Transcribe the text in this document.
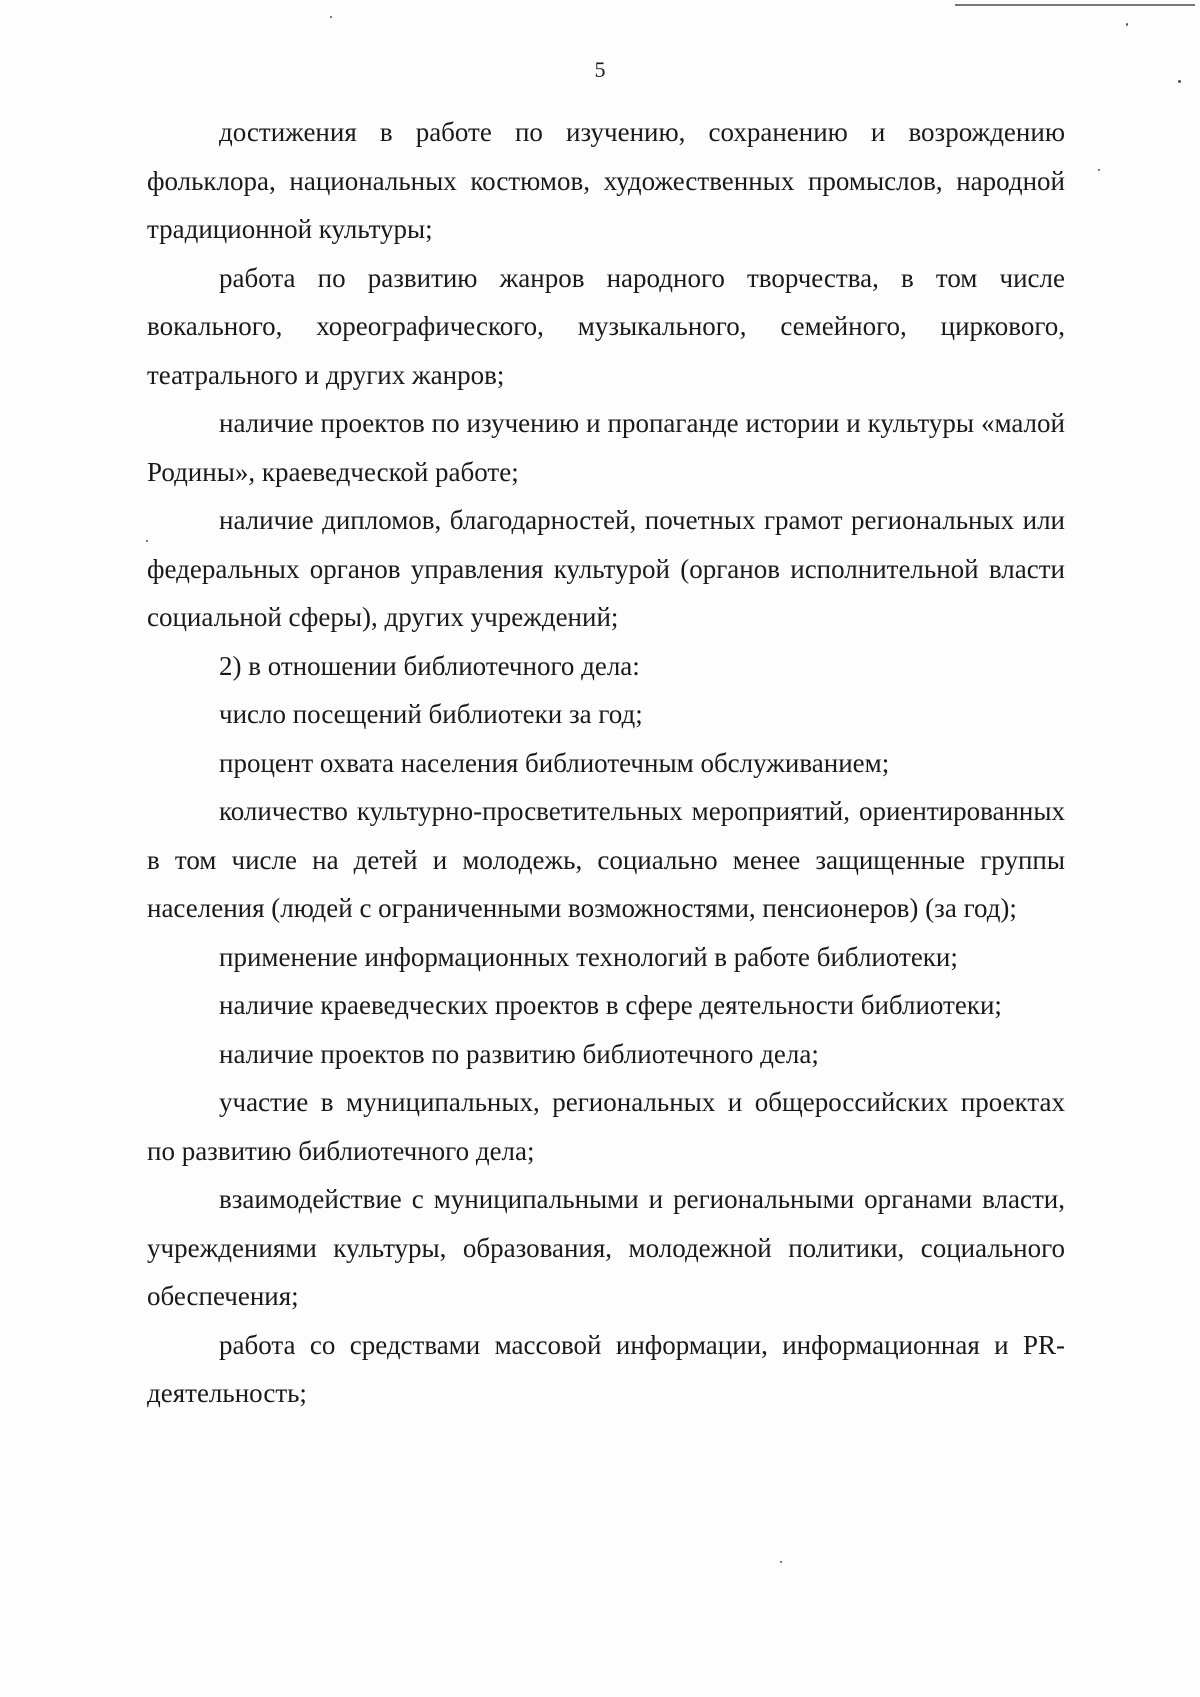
5

достижения в работе по изучению, сохранению и возрождению фольклора, национальных костюмов, художественных промыслов, народной традиционной культуры;

работа по развитию жанров народного творчества, в том числе вокального, хореографического, музыкального, семейного, циркового, театрального и других жанров;

наличие проектов по изучению и пропаганде истории и культуры «малой Родины», краеведческой работе;

наличие дипломов, благодарностей, почетных грамот региональных или федеральных органов управления культурой (органов исполнительной власти социальной сферы), других учреждений;

2) в отношении библиотечного дела:

число посещений библиотеки за год;

процент охвата населения библиотечным обслуживанием;

количество культурно-просветительных мероприятий, ориентированных в том числе на детей и молодежь, социально менее защищенные группы населения (людей с ограниченными возможностями, пенсионеров) (за год);

применение информационных технологий в работе библиотеки;

наличие краеведческих проектов в сфере деятельности библиотеки;

наличие проектов по развитию библиотечного дела;

участие в муниципальных, региональных и общероссийских проектах по развитию библиотечного дела;

взаимодействие с муниципальными и региональными органами власти, учреждениями культуры, образования, молодежной политики, социального обеспечения;

работа со средствами массовой информации, информационная и PR-деятельность;
